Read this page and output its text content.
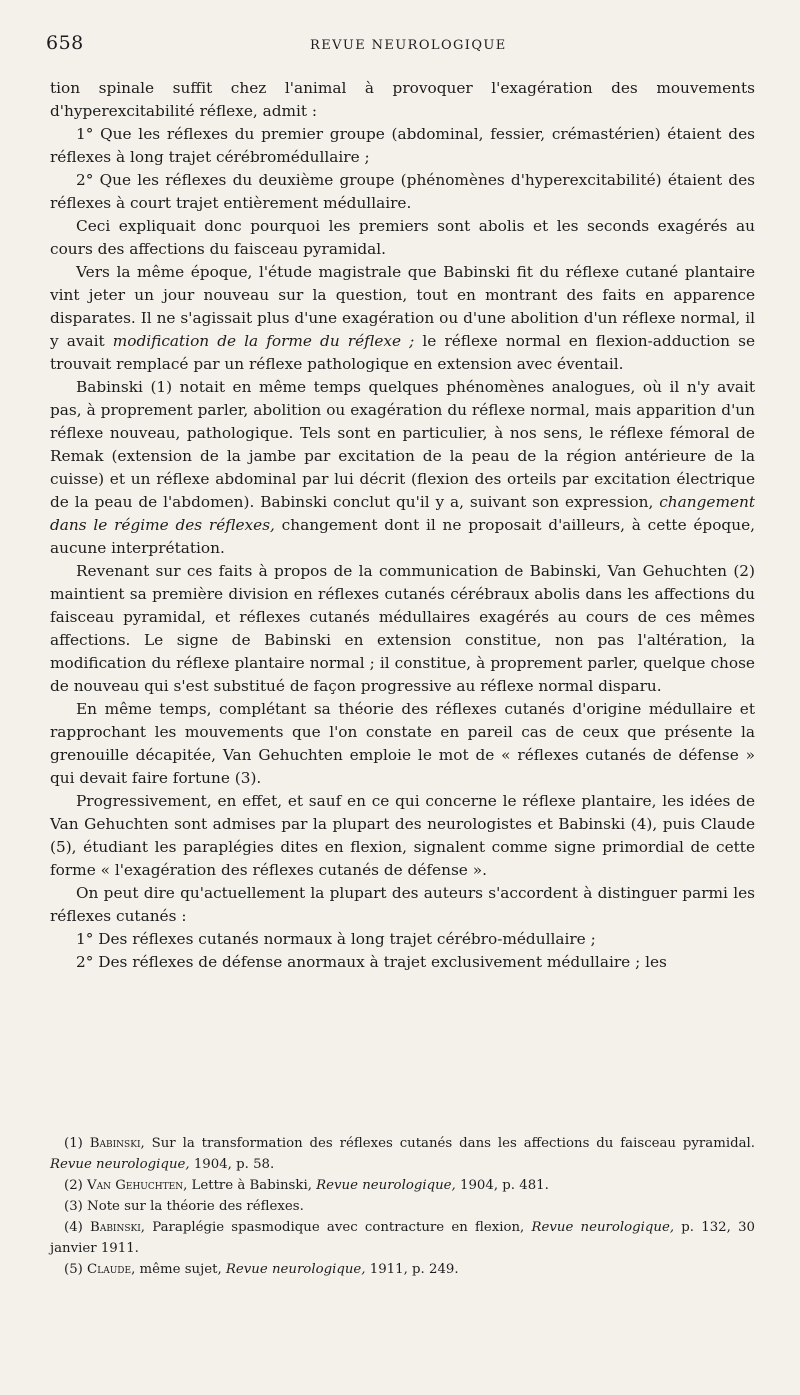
658	REVUE NEUROLOGIQUE

tion spinale suffit chez l'animal à provoquer l'exagération des mouvements d'hyperexcitabilité réflexe, admit :

1° Que les réflexes du premier groupe (abdominal, fessier, crémastérien) étaient des réflexes à long trajet cérébromédullaire ;

2° Que les réflexes du deuxième groupe (phénomènes d'hyperexcitabilité) étaient des réflexes à court trajet entièrement médullaire.

Ceci expliquait donc pourquoi les premiers sont abolis et les seconds exagérés au cours des affections du faisceau pyramidal.

Vers la même époque, l'étude magistrale que Babinski fit du réflexe cutané plantaire vint jeter un jour nouveau sur la question, tout en montrant des faits en apparence disparates. Il ne s'agissait plus d'une exagération ou d'une abolition d'un réflexe normal, il y avait modification de la forme du réflexe ; le réflexe normal en flexion-adduction se trouvait remplacé par un réflexe pathologique en extension avec éventail.

Babinski (1) notait en même temps quelques phénomènes analogues, où il n'y avait pas, à proprement parler, abolition ou exagération du réflexe normal, mais apparition d'un réflexe nouveau, pathologique. Tels sont en particulier, à nos sens, le réflexe fémoral de Remak (extension de la jambe par excitation de la peau de la région antérieure de la cuisse) et un réflexe abdominal par lui décrit (flexion des orteils par excitation électrique de la peau de l'abdomen). Babinski conclut qu'il y a, suivant son expression, changement dans le régime des réflexes, changement dont il ne proposait d'ailleurs, à cette époque, aucune interprétation.

Revenant sur ces faits à propos de la communication de Babinski, Van Gehuchten (2) maintient sa première division en réflexes cutanés cérébraux abolis dans les affections du faisceau pyramidal, et réflexes cutanés médullaires exagérés au cours de ces mêmes affections. Le signe de Babinski en extension constitue, non pas l'altération, la modification du réflexe plantaire normal ; il constitue, à proprement parler, quelque chose de nouveau qui s'est substitué de façon progressive au réflexe normal disparu.

En même temps, complétant sa théorie des réflexes cutanés d'origine médullaire et rapprochant les mouvements que l'on constate en pareil cas de ceux que présente la grenouille décapitée, Van Gehuchten emploie le mot de « réflexes cutanés de défense » qui devait faire fortune (3).

Progressivement, en effet, et sauf en ce qui concerne le réflexe plantaire, les idées de Van Gehuchten sont admises par la plupart des neurologistes et Babinski (4), puis Claude (5), étudiant les paraplégies dites en flexion, signalent comme signe primordial de cette forme « l'exagération des réflexes cutanés de défense ».

On peut dire qu'actuellement la plupart des auteurs s'accordent à distinguer parmi les réflexes cutanés :

1° Des réflexes cutanés normaux à long trajet cérébro-médullaire ;

2° Des réflexes de défense anormaux à trajet exclusivement médullaire ; les

(1) Babinski, Sur la transformation des réflexes cutanés dans les affections du faisceau pyramidal. Revue neurologique, 1904, p. 58.

(2) Van Gehuchten, Lettre à Babinski, Revue neurologique, 1904, p. 481.

(3) Note sur la théorie des réflexes.

(4) Babinski, Paraplégie spasmodique avec contracture en flexion, Revue neurologique, p. 132, 30 janvier 1911.

(5) Claude, même sujet, Revue neurologique, 1911, p. 249.
